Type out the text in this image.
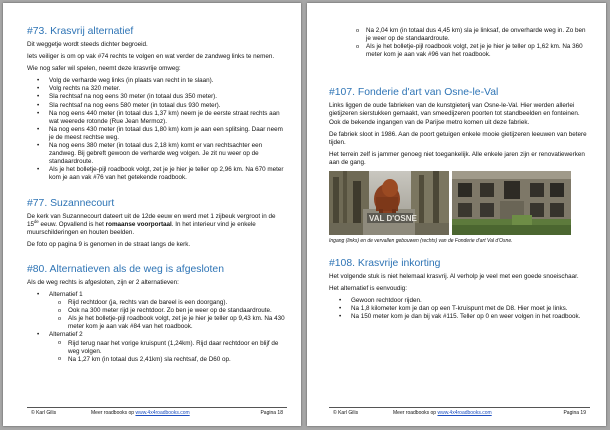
#73. Krasvrij alternatief

Dit weggetje wordt steeds dichter begroeid.

Iets veiliger is om op vak #74 rechts te volgen en wat verder de zandweg links te nemen.

Wie nog safer wil spelen, neemt deze krasvrije omweg:

• Volg de verharde weg links (in plaats van recht in te slaan).
• Volg rechts na 320 meter.
• Sla rechtsaf na nog eens 30 meter (in totaal dus 350 meter).
• Sla rechtsaf na nog eens 580 meter (in totaal dus 930 meter).
• Na nog eens 440 meter (in totaal dus 1,37 km) neem je de eerste straat rechts aan wat weerede rotonde (Rue Jean Mermoz).
• Na nog eens 430 meter (in totaal dus 1,80 km) kom je aan een splitsing. Daar neem je de meest rechtse weg.
• Na nog eens 380 meter (in totaal dus 2,18 km) komt er van rechtsachter een zandweg. Bij gebreft gewoon de verharde weg volgen. Je zit nu weer op de standaardroute.
• Als je het bolletje-pijl roadbook volgt, zet je je hier je teller op 2,96 km. Na 670 meter kom je aan vak #76 van het getekende roadbook.
#77. Suzannecourt

De kerk van Suzannecourt dateert uit de 12de eeuw en werd met 1 zijbeuk vergroot in de 15de eeuw. Opvallend is het romaanse voorportaal. In het interieur vind je enkele muurschilderingen en houten beelden.

De foto op pagina 9 is genomen in de straat langs de kerk.

#80. Alternatieven als de weg is afgesloten

Als de weg rechts is afgesloten, zijn er 2 alternatieven:

• Alternatief 1
o Rijd rechtdoor (ja, rechts van de bareel is een doorgang).
o Ook na 300 meter rijd je rechtdoor. Zo ben je weer op de standaardroute.
o Als je het bolletje-pijl roadbook volgt, zet je je hier je teller op 9,43 km. Na 430 meter kom je aan vak #84 van het roadbook.
• Alternatief 2
o Rijd terug naar het vorige kruispunt (1,24km). Rijd daar rechtdoor en blijf de weg volgen.
o Na 1,27 km (in totaal dus 2,41km) sla rechtsaf, de D60 op.
© Karl Gilis	Meer roadbooks op www.4x4roadbooks.com	Pagina 18
o Na 2,04 km (in totaal dus 4,45 km) sla je linksaf, de onverharde weg in. Zo ben je weer op de standaardroute.
o Als je het bolletje-pijl roadbook volgt, zet je je hier je teller op 1,62 km. Na 360 meter kom je aan vak #96 van het roadbook.
#107. Fonderie d'art van Osne-le-Val

Links liggen de oude fabrieken van de kunstgieterij van Osne-le-Val. Hier werden allerlei gietijzeren sierstukken gemaakt, van smeedijzeren poorten tot standbeelden en fonteinen. Ook de bekende ingangen van de Parijse metro komen uit deze fabriek.

De fabriek sloot in 1986. Aan de poort getuigen enkele mooie gietijzeren leeuwen van betere tijden.

Het terrein zelf is jammer genoeg niet toegankelijk. Alle enkele jaren zijn er renovatiewerken aan de gang.

VAL D'OSNE
Ingang (links) en de vervallen gebouwen (rechts) van de Fonderie d'art Val d'Osne.
#108. Krasvrije inkorting

Het volgende stuk is niet helemaal krasvrij. Al verholp je veel met een goede snoeischaar.

Het alternatief is eenvoudig:

• Gewoon rechtdoor rijden.
• Na 1,8 kilometer kom je dan op een T-kruispunt met de D8. Hier moet je links.
• Na 150 meter kom je dan bij vak #115. Teller op 0 en weer volgen in het roadbook.
© Karl Gilis	Meer roadbooks op www.4x4roadbooks.com	Pagina 19
